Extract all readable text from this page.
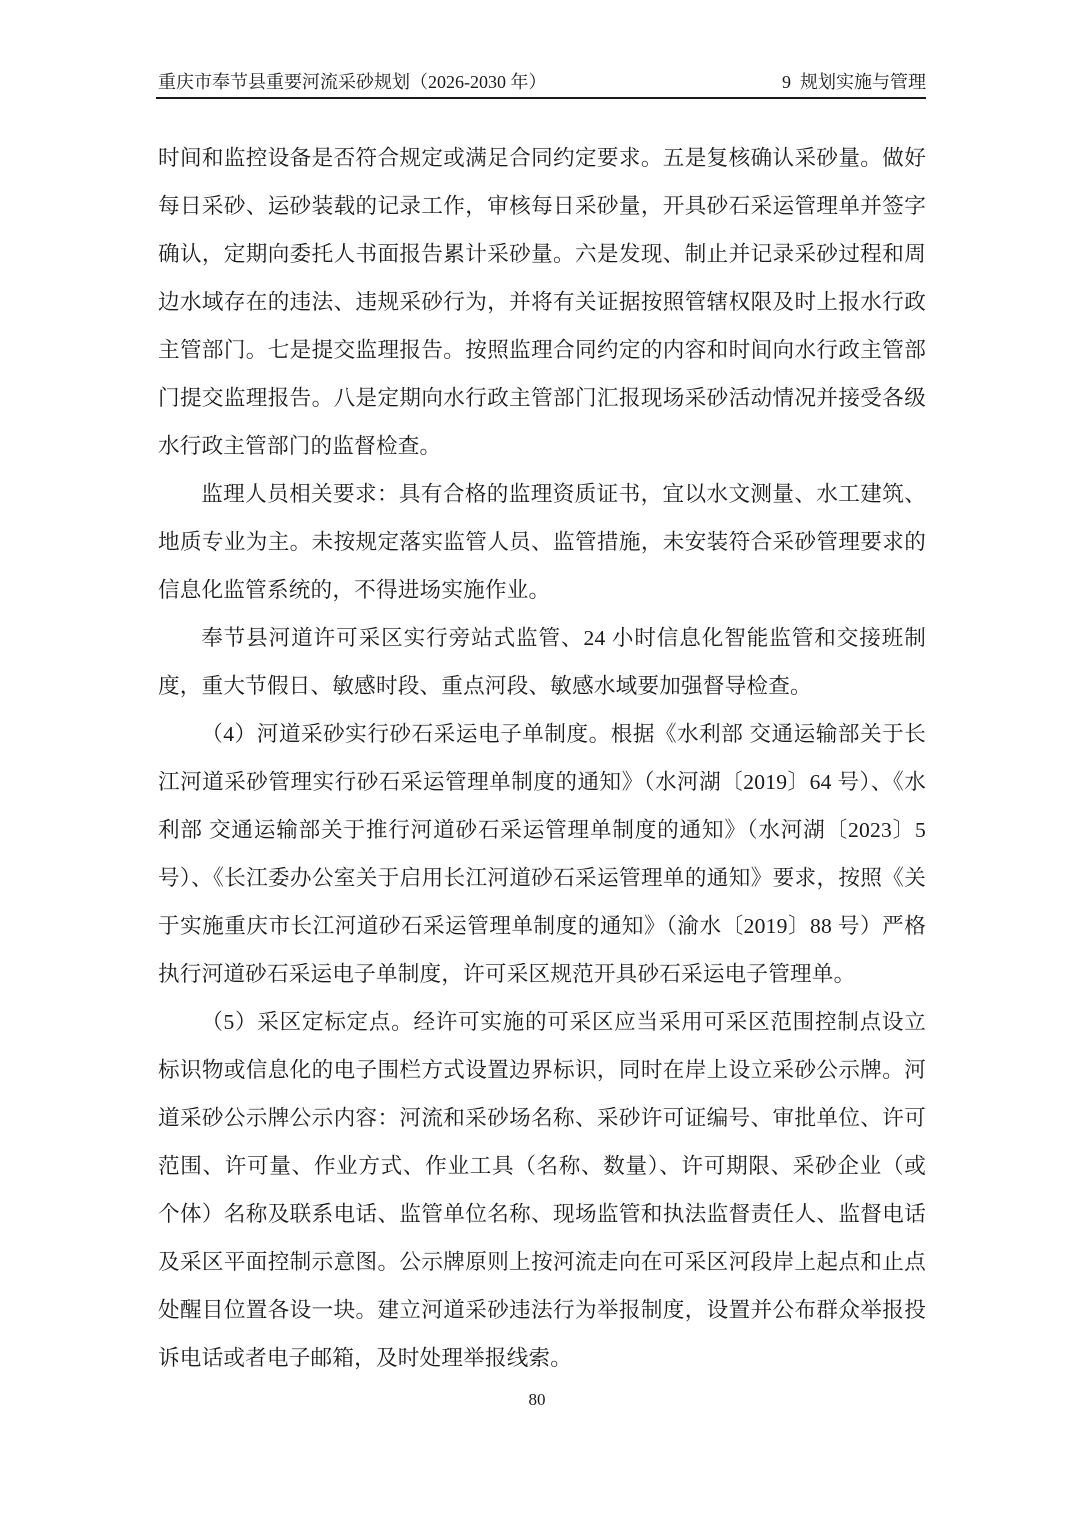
重庆市奉节县重要河流采砂规划（2026-2030 年）	9  规划实施与管理

时间和监控设备是否符合规定或满足合同约定要求。五是复核确认采砂量。做好每日采砂、运砂装载的记录工作，审核每日采砂量，开具砂石采运管理单并签字确认，定期向委托人书面报告累计采砂量。六是发现、制止并记录采砂过程和周边水域存在的违法、违规采砂行为，并将有关证据按照管辖权限及时上报水行政主管部门。七是提交监理报告。按照监理合同约定的内容和时间向水行政主管部门提交监理报告。八是定期向水行政主管部门汇报现场采砂活动情况并接受各级水行政主管部门的监督检查。

监理人员相关要求：具有合格的监理资质证书，宜以水文测量、水工建筑、地质专业为主。未按规定落实监管人员、监管措施，未安装符合采砂管理要求的信息化监管系统的，不得进场实施作业。

奉节县河道许可采区实行旁站式监管、24 小时信息化智能监管和交接班制度，重大节假日、敏感时段、重点河段、敏感水域要加强督导检查。

（4）河道采砂实行砂石采运电子单制度。根据《水利部 交通运输部关于长江河道采砂管理实行砂石采运管理单制度的通知》（水河湖〔2019〕64 号）、《水利部 交通运输部关于推行河道砂石采运管理单制度的通知》（水河湖〔2023〕5 号）、《长江委办公室关于启用长江河道砂石采运管理单的通知》要求，按照《关于实施重庆市长江河道砂石采运管理单制度的通知》（渝水〔2019〕88 号）严格执行河道砂石采运电子单制度，许可采区规范开具砂石采运电子管理单。

（5）采区定标定点。经许可实施的可采区应当采用可采区范围控制点设立标识物或信息化的电子围栏方式设置边界标识，同时在岸上设立采砂公示牌。河道采砂公示牌公示内容：河流和采砂场名称、采砂许可证编号、审批单位、许可范围、许可量、作业方式、作业工具（名称、数量）、许可期限、采砂企业（或个体）名称及联系电话、监管单位名称、现场监管和执法监督责任人、监督电话及采区平面控制示意图。公示牌原则上按河流走向在可采区河段岸上起点和止点处醒目位置各设一块。建立河道采砂违法行为举报制度，设置并公布群众举报投诉电话或者电子邮箱，及时处理举报线索。

80
